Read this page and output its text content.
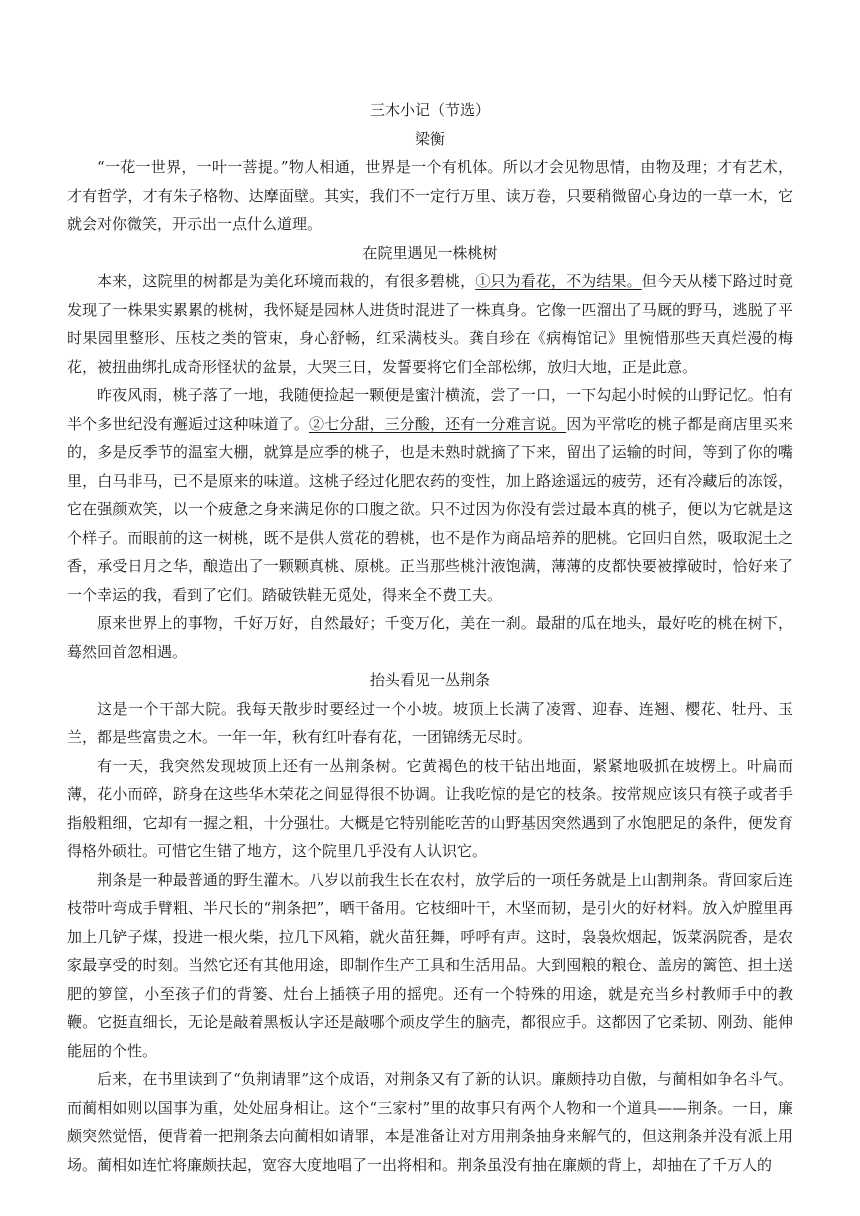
三木小记（节选）

梁衡

“一花一世界，一叶一菩提。”物人相通，世界是一个有机体。所以才会见物思情，由物及理；才有艺术，才有哲学，才有朱子格物、达摩面壁。其实，我们不一定行万里、读万卷，只要稍微留心身边的一草一木，它就会对你微笑，开示出一点什么道理。

在院里遇见一株桃树

本来，这院里的树都是为美化环境而栽的，有很多碧桃，①只为看花，不为结果。但今天从楼下路过时竟发现了一株果实累累的桃树，我怀疑是园林人进货时混进了一株真身。它像一匹溜出了马厩的野马，逃脱了平时果园里整形、压枝之类的管束，身心舒畅，红采满枝头。龚自珍在《病梅馆记》里惋惜那些天真烂漫的梅花，被扭曲绑扎成奇形怪状的盆景，大哭三日，发誓要将它们全部松绑，放归大地，正是此意。

昨夜风雨，桃子落了一地，我随便捡起一颗便是蜜汁横流，尝了一口，一下勾起小时候的山野记忆。怕有半个多世纪没有邂逅过这种味道了。②七分甜，三分酸，还有一分难言说。因为平常吃的桃子都是商店里买来的，多是反季节的温室大棚，就算是应季的桃子，也是未熟时就摘了下来，留出了运输的时间，等到了你的嘴里，白马非马，已不是原来的味道。这桃子经过化肥农药的变性，加上路途遥远的疲劳，还有冷藏后的冻馁，它在强颜欢笑，以一个疲惫之身来满足你的口腹之欲。只不过因为你没有尝过最本真的桃子，便以为它就是这个样子。而眼前的这一树桃，既不是供人赏花的碧桃，也不是作为商品培养的肥桃。它回归自然，吸取泥土之香，承受日月之华，酿造出了一颗颗真桃、原桃。正当那些桃汁液饱满，薄薄的皮都快要被撑破时，恰好来了一个幸运的我，看到了它们。踏破铁鞋无觅处，得来全不费工夫。

原来世界上的事物，千好万好，自然最好；千变万化，美在一刹。最甜的瓜在地头，最好吃的桃在树下，蓦然回首忽相遇。

抬头看见一丛荆条

这是一个干部大院。我每天散步时要经过一个小坡。坡顶上长满了凌霄、迎春、连翘、樱花、牡丹、玉兰，都是些富贵之木。一年一年，秋有红叶春有花，一团锦绣无尽时。

有一天，我突然发现坡顶上还有一丛荆条树。它黄褐色的枝干钻出地面，紧紧地吸抓在坡楞上。叶扁而薄，花小而碎，跻身在这些华木荣花之间显得很不协调。让我吃惊的是它的枝条。按常规应该只有筷子或者手指般粗细，它却有一握之粗，十分强壮。大概是它特别能吃苦的山野基因突然遇到了水饱肥足的条件，便发育得格外硕壮。可惜它生错了地方，这个院里几乎没有人认识它。

荆条是一种最普通的野生灌木。八岁以前我生长在农村，放学后的一项任务就是上山割荆条。背回家后连枝带叶弯成手臂粗、半尺长的“荆条把”，晒干备用。它枝细叶干，木坚而韧，是引火的好材料。放入炉膛里再加上几铲子煤，投进一根火柴，拉几下风箱，就火苗狂舞，呼呼有声。这时，袅袅炊烟起，饭菜涡院香，是农家最享受的时刻。当然它还有其他用途，即制作生产工具和生活用品。大到囤粮的粮仓、盖房的篱笆、担土送肥的箩筐，小至孩子们的背篓、灶台上插筷子用的摇兜。还有一个特殊的用途，就是充当乡村教师手中的教鞭。它挺直细长，无论是敲着黑板认字还是敲哪个顽皮学生的脑壳，都很应手。这都因了它柔韧、刚劲、能伸能屈的个性。

后来，在书里读到了“负荆请罪”这个成语，对荆条又有了新的认识。廉颇持功自傲，与蔺相如争名斗气。而蔺相如则以国事为重，处处屈身相让。这个“三家村”里的故事只有两个人物和一个道具——荆条。一日，廉颇突然觉悟，便背着一把荆条去向蔺相如请罪，本是准备让对方用荆条抽身来解气的，但这荆条并没有派上用场。蔺相如连忙将廉颇扶起，宽容大度地唱了一出将相和。荆条虽没有抽在廉颇的背上，却抽在了千万人的
